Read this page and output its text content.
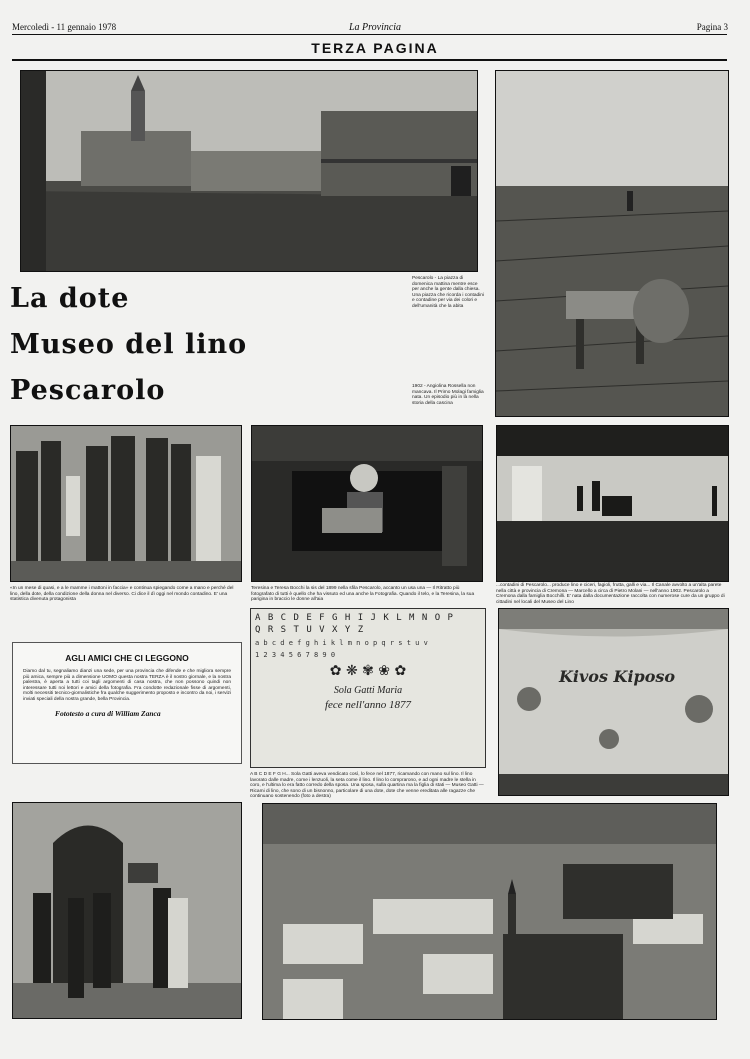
Mercoledì - 11 gennaio 1978	La Provincia	Pagina 3
TERZA PAGINA
Pescarolo - La piazza di domenica mattina mentre esce per anche la gente dalla chiesa. Una piazza che ricorda i contadini e contadine per via dei colori e dell'umanità che la abita
1902 - Angiolina Rossella non mancava. Il Primo Molagi famiglia nata. Un episodio più in là nella storia della cascina
La dote
Museo del lino
Pescarolo
«In un mese di quasi, e a le mamme i mattoni in faccia» e continua spiegando come a mano e perché del lino, della dote, della condizione della donna nel diverso. Ci dice il dì oggi nel mondo contadino. E' una statistica divenuta protagonista
Teresina e Teresa Bocchi la sis del 1899 nella sfila Pescarolo, accanto un usa una — Il Ritratto più fotografato di tutti è quello che ha vissuto ed una anche la Fotografia. Quando il telo, e la Teresina, la sua parigina in braccio le donne all'aia
...contadini di Pescarolo... produce lino e ciceri, fagioli, frutta, galli e via... Il Canale avvolto a un'alta parete nella città e provincia di Cremona — Marcello a circa di Pietro Molani — nell'anno 1902. Pescarolo a Cremona dalla famiglia Bocchilli. E' nata dalla documentazione raccolta con numerose cure da un gruppo di cittadini nel locali del Museo del Lino
AGLI AMICI CHE CI LEGGONO
Diamo dal tu, segnaliamo dianzi una sede, per una provincia che difende e che migliora sempre più amica, sempre più a dimensione UOMO questa nostra TERZA è il nostro giornale, e la nostra palestra, è aperta a tutti coi tagli argomenti di casa nostra, che non possono quindi non interessare tutti noi lettori e amici della fotografia. Fra condotte redazionale fisse di argomenti, molti necessiti tecnico-giornalistiche fra qualche suggerimento proposto e incontro da noi, i servizi inviati speciali della nostra grande, bella Provincia.
Fototesto a cura di William Zanca
A B C D E F G H I J K L M N O P
Q R S T U V X Y Z
a b c d e f g h i k l m n o p q r s t u v
1 2 3 4 5 6 7 8 9 0
✿ ❋ ✾ ❀ ✿
Sola Gatti Maria
fece nell'anno 1877
A B C D E F G H... Sola Gatti aveva vendicato così, lo fece nel 1877, ricamando con mano sul lino. Il lino lavorato dalle madre, come i lenzuoli, la seta come il lino. Il lino lo comprarono, e ad ogni madre le stella in coro, e l'ultima lo era fatto corredo della sposa. Una sposa, sulla quartina ma la figlia di stati — Museo Gatti — Ricami di lino, che sono di un bisnonno, particolare di una dote, dote che venne ereditata alle ragazze che continuano sostenendo (foto a destra)
Kivos Kiposo
